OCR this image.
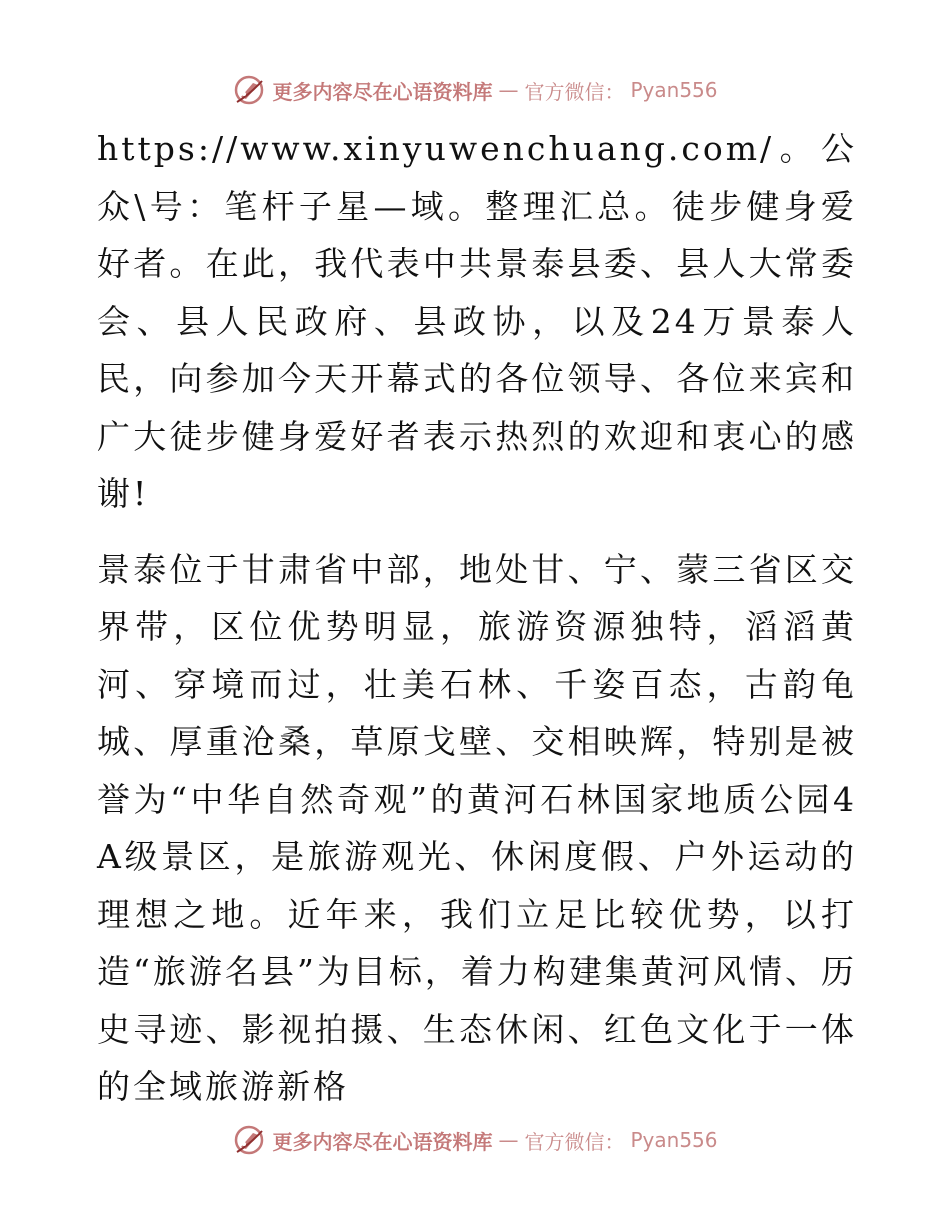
更多内容尽在心语资料库 — 官方微信： Pyan556

https://www.xinyuwenchuang.com/。公众\号：笔杆子星—域。整理汇总。徒步健身爱好者。在此，我代表中共景泰县委、县人大常委会、县人民政府、县政协，以及24万景泰人民，向参加今天开幕式的各位领导、各位来宾和广大徒步健身爱好者表示热烈的欢迎和衷心的感谢!

景泰位于甘肃省中部，地处甘、宁、蒙三省区交界带，区位优势明显，旅游资源独特，滔滔黄河、穿境而过，壮美石林、千姿百态，古韵龟城、厚重沧桑，草原戈壁、交相映辉，特别是被誉为“中华自然奇观”的黄河石林国家地质公园4A级景区，是旅游观光、休闲度假、户外运动的理想之地。近年来，我们立足比较优势，以打造“旅游名县”为目标，着力构建集黄河风情、历史寻迹、影视拍摄、生态休闲、红色文化于一体的全域旅游新格

更多内容尽在心语资料库 — 官方微信： Pyan556
